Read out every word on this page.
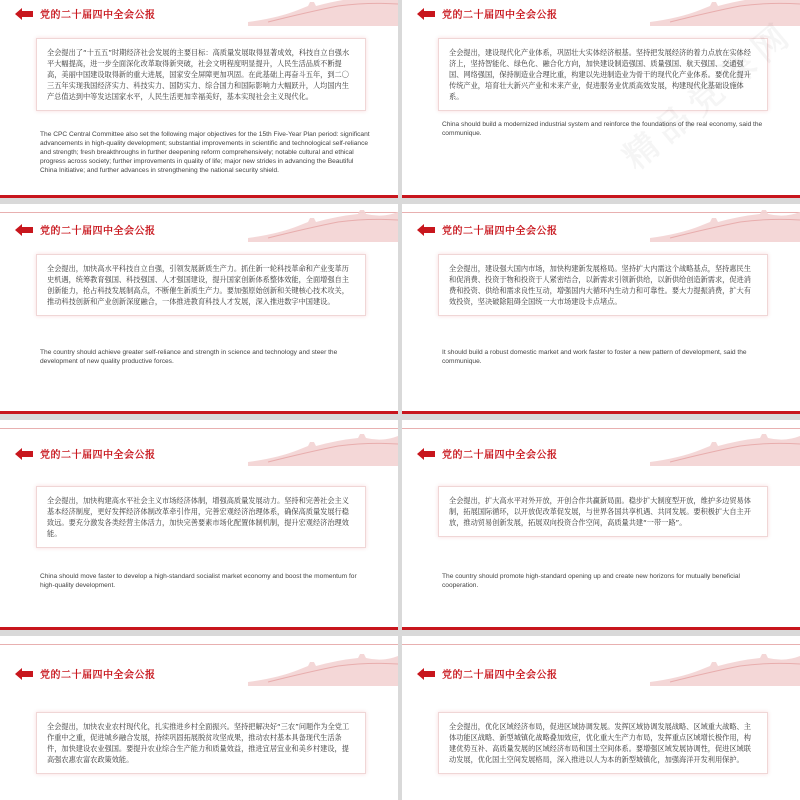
党的二十届四中全会公报
全会提出了“十五五”时期经济社会发展的主要目标：高质量发展取得显著成效，科技自立自强水平大幅提高，进一步全面深化改革取得新突破，社会文明程度明显提升，人民生活品质不断提高，美丽中国建设取得新的重大进展，国家安全屏障更加巩固。在此基础上再奋斗五年，到二〇三五年实现我国经济实力、科技实力、国防实力、综合国力和国际影响力大幅跃升，人均国内生产总值达到中等发达国家水平，人民生活更加幸福美好，基本实现社会主义现代化。
The CPC Central Committee also set the following major objectives for the 15th Five-Year Plan period: significant advancements in high-quality development; substantial improvements in scientific and technological self-reliance and strength; fresh breakthroughs in further deepening reform comprehensively; notable cultural and ethical progress across society; further improvements in quality of life; major new strides in advancing the Beautiful China Initiative; and further advances in strengthening the national security shield.
党的二十届四中全会公报
全会提出，建设现代化产业体系，巩固壮大实体经济根基。坚持把发展经济的着力点放在实体经济上，坚持智能化、绿色化、融合化方向，加快建设制造强国、质量强国、航天强国、交通强国、网络强国，保持制造业合理比重，构建以先进制造业为骨干的现代化产业体系。要优化提升传统产业，培育壮大新兴产业和未来产业，促进服务业优质高效发展，构建现代化基础设施体系。
China should build a modernized industrial system and reinforce the foundations of the real economy, said the communique.
党的二十届四中全会公报
全会提出，加快高水平科技自立自强，引领发展新质生产力。抓住新一轮科技革命和产业变革历史机遇，统筹教育强国、科技强国、人才强国建设，提升国家创新体系整体效能，全面增强自主创新能力，抢占科技发展制高点，不断催生新质生产力。要加强原始创新和关键核心技术攻关，推动科技创新和产业创新深度融合，一体推进教育科技人才发展，深入推进数字中国建设。
The country should achieve greater self-reliance and strength in science and technology and steer the development of new quality productive forces.
党的二十届四中全会公报
全会提出，建设强大国内市场，加快构建新发展格局。坚持扩大内需这个战略基点，坚持惠民生和促消费、投资于物和投资于人紧密结合，以新需求引领新供给，以新供给创造新需求，促进消费和投资、供给和需求良性互动，增强国内大循环内生动力和可靠性。要大力提振消费，扩大有效投资，坚决破除阻碍全国统一大市场建设卡点堵点。
It should build a robust domestic market and work faster to foster a new pattern of development, said the communique.
党的二十届四中全会公报
全会提出，加快构建高水平社会主义市场经济体制，增强高质量发展动力。坚持和完善社会主义基本经济制度，更好发挥经济体制改革牵引作用，完善宏观经济治理体系，确保高质量发展行稳致远。要充分激发各类经营主体活力，加快完善要素市场化配置体制机制，提升宏观经济治理效能。
China should move faster to develop a high-standard socialist market economy and boost the momentum for high-quality development.
党的二十届四中全会公报
全会提出，扩大高水平对外开放，开创合作共赢新局面。稳步扩大制度型开放，维护多边贸易体制，拓展国际循环，以开放促改革促发展，与世界各国共享机遇、共同发展。要积极扩大自主开放，推动贸易创新发展，拓展双向投资合作空间，高质量共建“一带一路”。
The country should promote high-standard opening up and create new horizons for mutually beneficial cooperation.
党的二十届四中全会公报
全会提出，加快农业农村现代化，扎实推进乡村全面振兴。坚持把解决好“三农”问题作为全党工作重中之重，促进城乡融合发展，持续巩固拓展脱贫攻坚成果，推动农村基本具备现代生活条件，加快建设农业强国。要提升农业综合生产能力和质量效益，推进宜居宜业和美乡村建设，提高强农惠农富农政策效能。
党的二十届四中全会公报
全会提出，优化区域经济布局，促进区域协调发展。发挥区域协调发展战略、区域重大战略、主体功能区战略、新型城镇化战略叠加效应，优化重大生产力布局，发挥重点区域增长极作用，构建优势互补、高质量发展的区域经济布局和国土空间体系。要增强区域发展协调性，促进区域联动发展，优化国土空间发展格局，深入推进以人为本的新型城镇化，加强海洋开发利用保护。
